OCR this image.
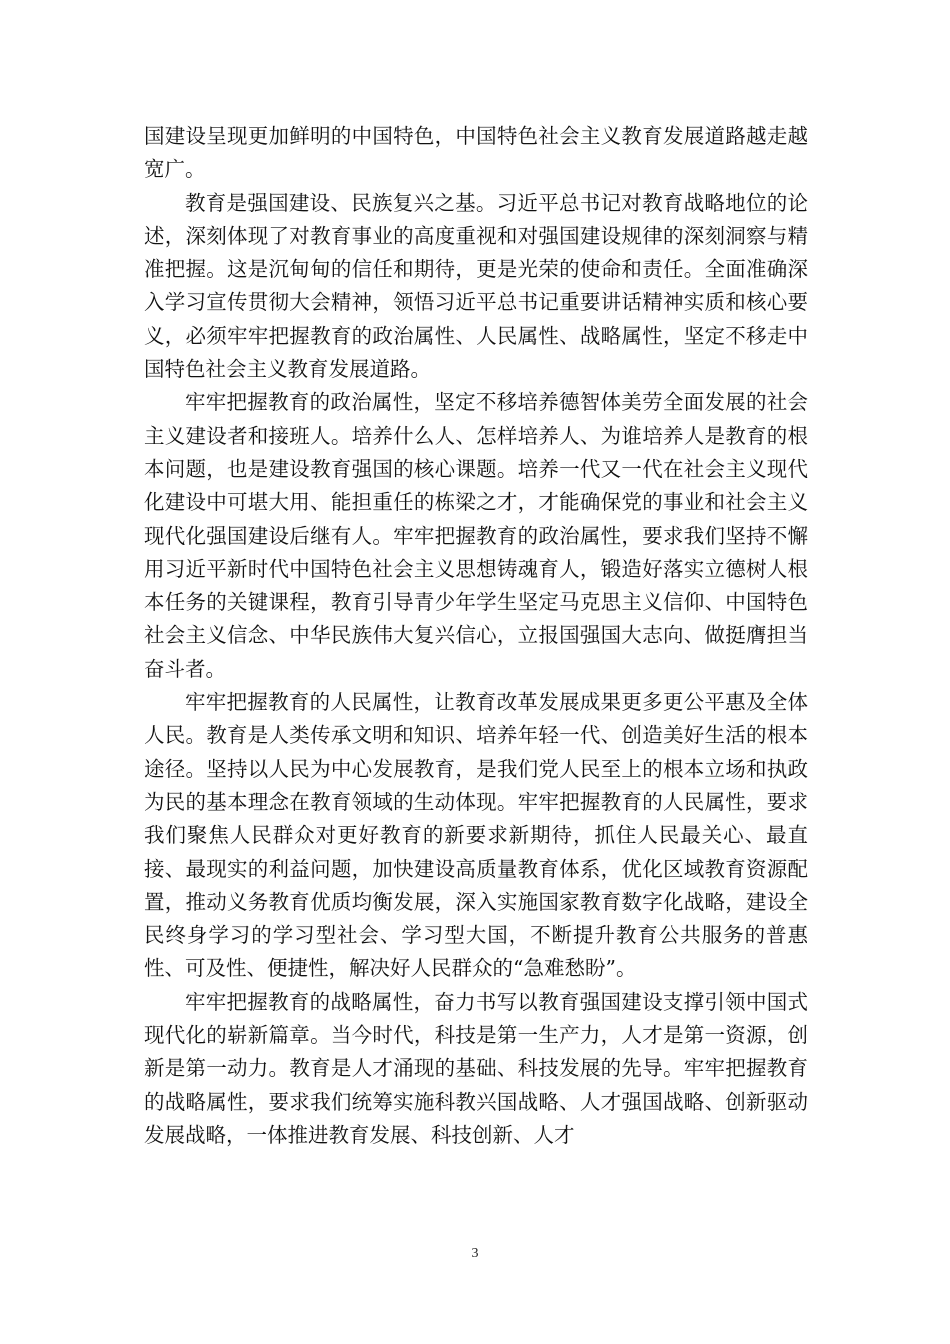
国建设呈现更加鲜明的中国特色，中国特色社会主义教育发展道路越走越宽广。

教育是强国建设、民族复兴之基。习近平总书记对教育战略地位的论述，深刻体现了对教育事业的高度重视和对强国建设规律的深刻洞察与精准把握。这是沉甸甸的信任和期待，更是光荣的使命和责任。全面准确深入学习宣传贯彻大会精神，领悟习近平总书记重要讲话精神实质和核心要义，必须牢牢把握教育的政治属性、人民属性、战略属性，坚定不移走中国特色社会主义教育发展道路。

牢牢把握教育的政治属性，坚定不移培养德智体美劳全面发展的社会主义建设者和接班人。培养什么人、怎样培养人、为谁培养人是教育的根本问题，也是建设教育强国的核心课题。培养一代又一代在社会主义现代化建设中可堪大用、能担重任的栋梁之才，才能确保党的事业和社会主义现代化强国建设后继有人。牢牢把握教育的政治属性，要求我们坚持不懈用习近平新时代中国特色社会主义思想铸魂育人，锻造好落实立德树人根本任务的关键课程，教育引导青少年学生坚定马克思主义信仰、中国特色社会主义信念、中华民族伟大复兴信心，立报国强国大志向、做挺膺担当奋斗者。

牢牢把握教育的人民属性，让教育改革发展成果更多更公平惠及全体人民。教育是人类传承文明和知识、培养年轻一代、创造美好生活的根本途径。坚持以人民为中心发展教育，是我们党人民至上的根本立场和执政为民的基本理念在教育领域的生动体现。牢牢把握教育的人民属性，要求我们聚焦人民群众对更好教育的新要求新期待，抓住人民最关心、最直接、最现实的利益问题，加快建设高质量教育体系，优化区域教育资源配置，推动义务教育优质均衡发展，深入实施国家教育数字化战略，建设全民终身学习的学习型社会、学习型大国，不断提升教育公共服务的普惠性、可及性、便捷性，解决好人民群众的“急难愁盼”。

牢牢把握教育的战略属性，奋力书写以教育强国建设支撑引领中国式现代化的崭新篇章。当今时代，科技是第一生产力，人才是第一资源，创新是第一动力。教育是人才涌现的基础、科技发展的先导。牢牢把握教育的战略属性，要求我们统筹实施科教兴国战略、人才强国战略、创新驱动发展战略，一体推进教育发展、科技创新、人才

3
